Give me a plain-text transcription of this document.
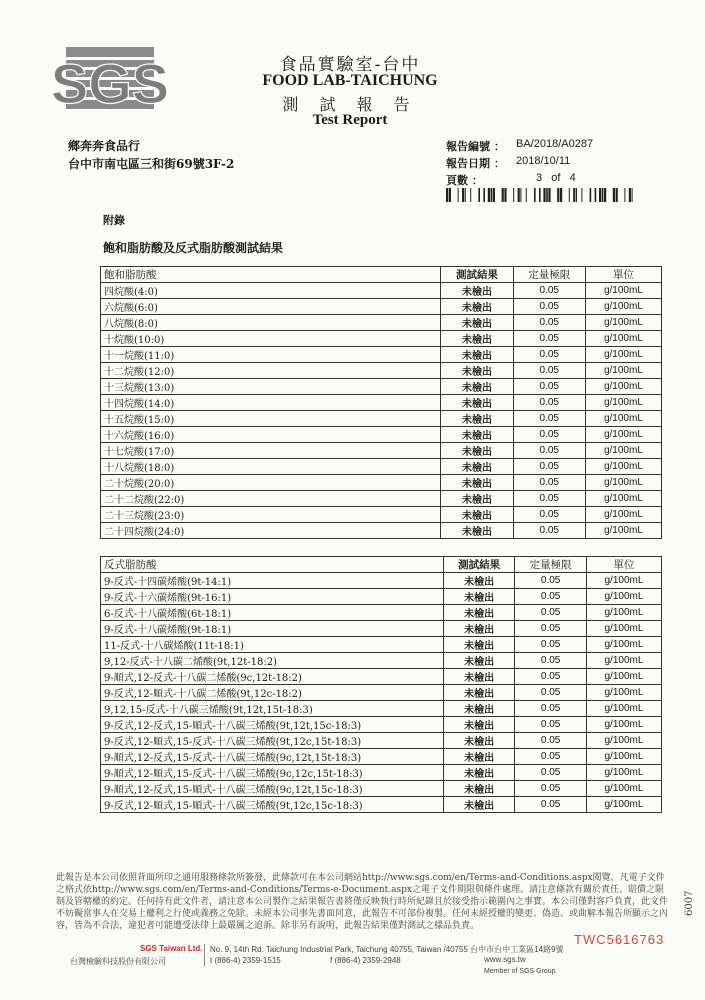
SGS	食品實驗室-台中
FOOD LAB-TAICHUNG
測 試 報 告
Test Report
鄉奔奔食品行
台中市南屯區三和街69號3F-2
報告編號 ： BA/2018/A0287
報告日期 ： 2018/10/11
頁數 ：	3   of   4
附錄
飽和脂肪酸及反式脂肪酸測試結果
飽和脂肪酸	測試結果	定量極限	單位
四烷酸(4:0)	未檢出	0.05	g/100mL
六烷酸(6:0)	未檢出	0.05	g/100mL
八烷酸(8:0)	未檢出	0.05	g/100mL
十烷酸(10:0)	未檢出	0.05	g/100mL
十一烷酸(11:0)	未檢出	0.05	g/100mL
十二烷酸(12:0)	未檢出	0.05	g/100mL
十三烷酸(13:0)	未檢出	0.05	g/100mL
十四烷酸(14:0)	未檢出	0.05	g/100mL
十五烷酸(15:0)	未檢出	0.05	g/100mL
十六烷酸(16:0)	未檢出	0.05	g/100mL
十七烷酸(17:0)	未檢出	0.05	g/100mL
十八烷酸(18:0)	未檢出	0.05	g/100mL
二十烷酸(20:0)	未檢出	0.05	g/100mL
二十二烷酸(22:0)	未檢出	0.05	g/100mL
二十三烷酸(23:0)	未檢出	0.05	g/100mL
二十四烷酸(24:0)	未檢出	0.05	g/100mL
反式脂肪酸	測試結果	定量極限	單位
9-反式-十四碳烯酸(9t-14:1)	未檢出	0.05	g/100mL
9-反式-十六碳烯酸(9t-16:1)	未檢出	0.05	g/100mL
6-反式-十八碳烯酸(6t-18:1)	未檢出	0.05	g/100mL
9-反式-十八碳烯酸(9t-18:1)	未檢出	0.05	g/100mL
11-反式-十八碳烯酸(11t-18:1)	未檢出	0.05	g/100mL
9,12-反式-十八碳二烯酸(9t,12t-18:2)	未檢出	0.05	g/100mL
9-順式,12-反式-十八碳二烯酸(9c,12t-18:2)	未檢出	0.05	g/100mL
9-反式,12-順式-十八碳二烯酸(9t,12c-18:2)	未檢出	0.05	g/100mL
9,12,15-反式-十八碳三烯酸(9t,12t,15t-18:3)	未檢出	0.05	g/100mL
9-反式,12-反式,15-順式-十八碳三烯酸(9t,12t,15c-18:3)	未檢出	0.05	g/100mL
9-反式,12-順式,15-反式-十八碳三烯酸(9t,12c,15t-18:3)	未檢出	0.05	g/100mL
9-順式,12-反式,15-反式-十八碳三烯酸(9c,12t,15t-18:3)	未檢出	0.05	g/100mL
9-順式,12-順式,15-反式-十八碳三烯酸(9c,12c,15t-18:3)	未檢出	0.05	g/100mL
9-順式,12-反式,15-順式-十八碳三烯酸(9c,12t,15c-18:3)	未檢出	0.05	g/100mL
9-反式,12-順式,15-順式-十八碳三烯酸(9t,12c,15c-18:3)	未檢出	0.05	g/100mL
此報告是本公司依照背面所印之通用服務條款所簽發，此條款可在本公司網站http://www.sgs.com/en/Terms-and-Conditions.aspx閱覽，凡電子文件之格式依http://www.sgs.com/en/Terms-and-Conditions/Terms-e-Document.aspx之電子文件期限與條件處理。請注意條款有關於責任、賠償之限制及管轄權的約定。任何持有此文件者，請注意本公司製作之結果報告書將僅反映執行時所紀錄且於接受指示範圍內之事實。本公司僅對客戶負責，此文件不妨礙當事人在交易上權利之行使或義務之免除。未經本公司事先書面同意，此報告不可部份複製。任何未經授權的變更、偽造、或曲解本報告所顯示之內容，皆為不合法，違犯者可能遭受法律上最嚴厲之追訴。除非另有說明，此報告結果僅對測試之樣品負責。
SGS Taiwan Ltd.
台灣檢驗科技股份有限公司
No. 9, 14th Rd. Taichung Industrial Park, Taichung 40755, Taiwan /40755 台中市台中工業區14路9號
t (886-4) 2359-1515	f (886-4) 2359-2948	www.sgs.tw
Member of SGS Group
TWC5616763
6007
